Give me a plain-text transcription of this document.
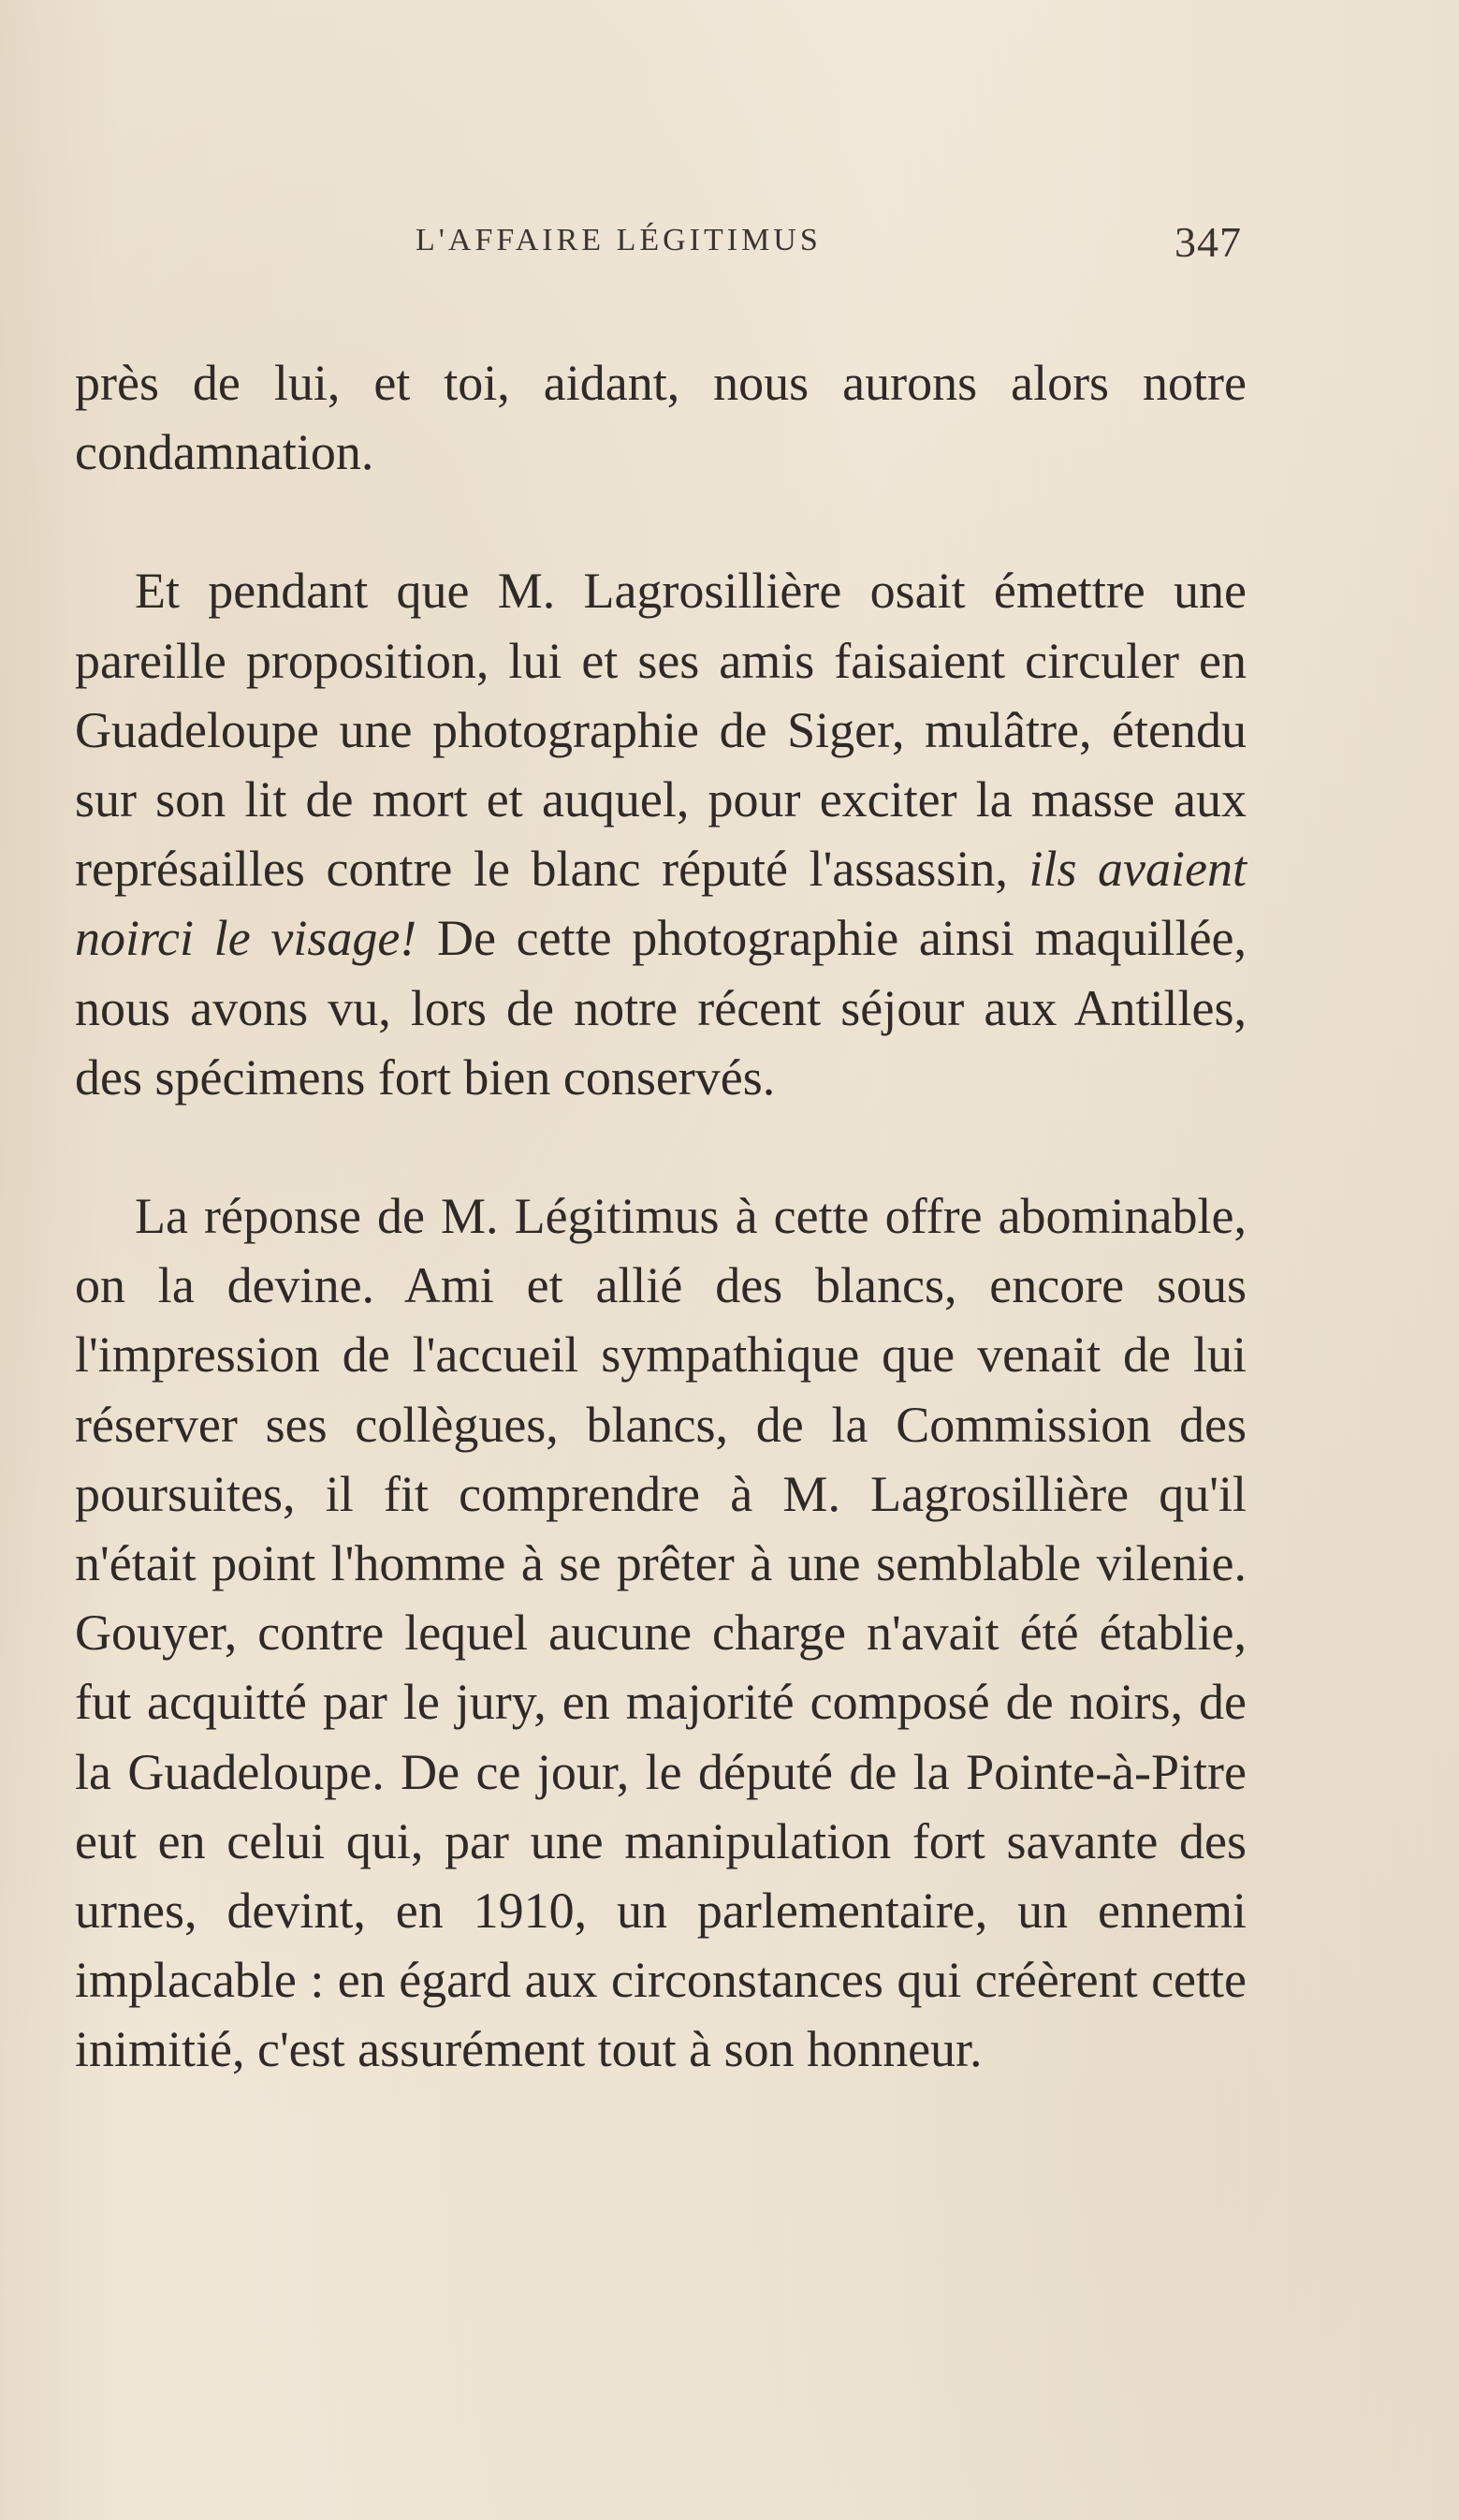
L'AFFAIRE LÉGITIMUS	347

près de lui, et toi, aidant, nous aurons alors notre condamnation.

Et pendant que M. Lagrosillière osait émettre une pareille proposition, lui et ses amis faisaient circuler en Guadeloupe une photographie de Siger, mulâtre, étendu sur son lit de mort et auquel, pour exciter la masse aux représailles contre le blanc réputé l'assassin, ils avaient noirci le visage! De cette photographie ainsi maquillée, nous avons vu, lors de notre récent séjour aux Antilles, des spécimens fort bien conservés.

La réponse de M. Légitimus à cette offre abominable, on la devine. Ami et allié des blancs, encore sous l'impression de l'accueil sympathique que venait de lui réserver ses collègues, blancs, de la Commission des poursuites, il fit comprendre à M. Lagrosillière qu'il n'était point l'homme à se prêter à une semblable vilenie. Gouyer, contre lequel aucune charge n'avait été établie, fut acquitté par le jury, en majorité composé de noirs, de la Guadeloupe. De ce jour, le député de la Pointe-à-Pitre eut en celui qui, par une manipulation fort savante des urnes, devint, en 1910, un parlementaire, un ennemi implacable : en égard aux circonstances qui créèrent cette inimitié, c'est assurément tout à son honneur.
